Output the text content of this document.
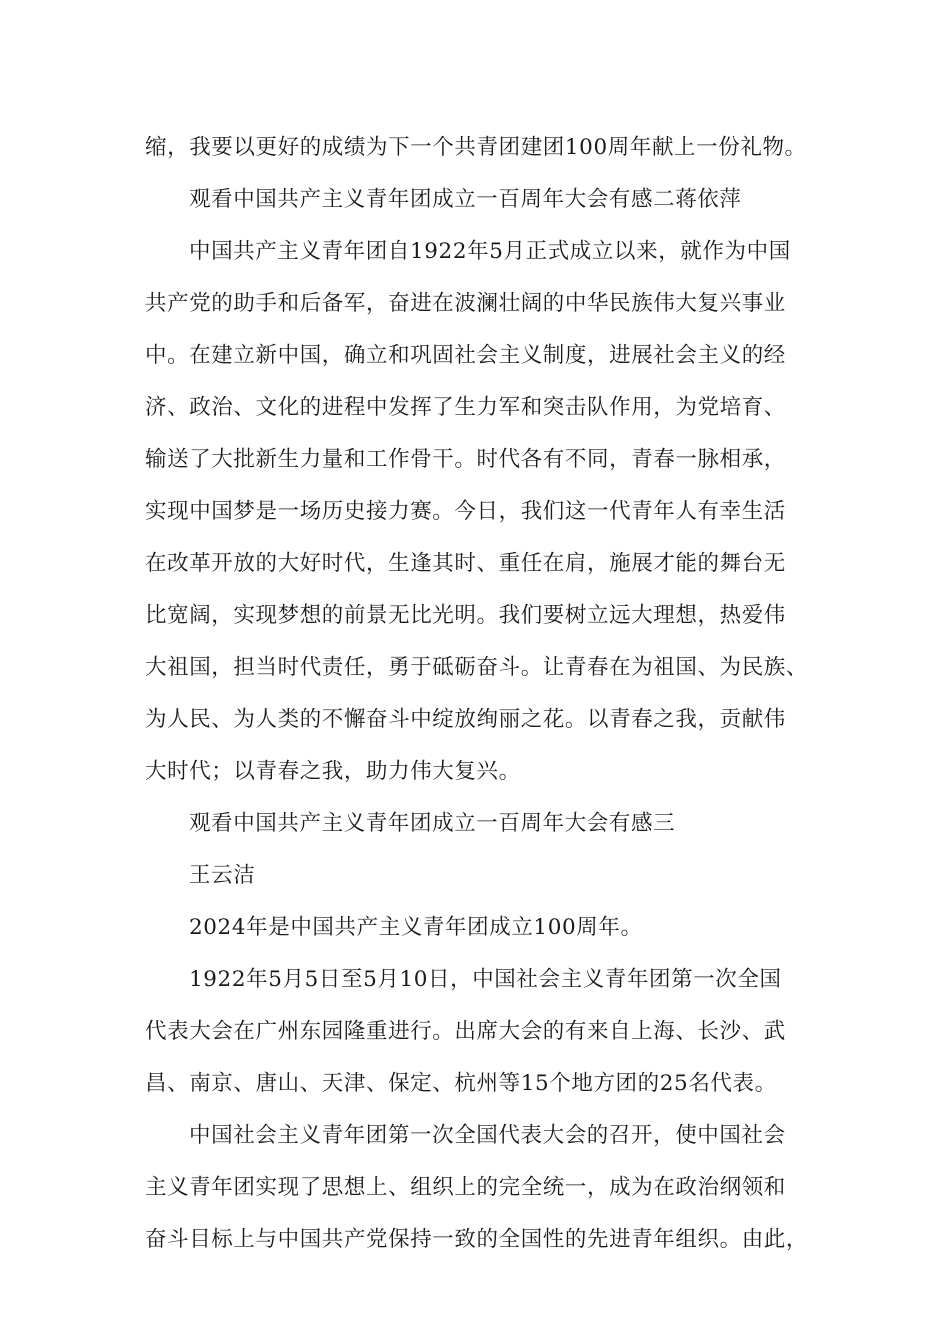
缩，我要以更好的成绩为下一个共青团建团100周年献上一份礼物。
观看中国共产主义青年团成立一百周年大会有感二蒋依萍
中国共产主义青年团自1922年5月正式成立以来，就作为中国
共产党的助手和后备军，奋进在波澜壮阔的中华民族伟大复兴事业
中。在建立新中国，确立和巩固社会主义制度，进展社会主义的经
济、政治、文化的进程中发挥了生力军和突击队作用，为党培育、
输送了大批新生力量和工作骨干。时代各有不同，青春一脉相承，
实现中国梦是一场历史接力赛。今日，我们这一代青年人有幸生活
在改革开放的大好时代，生逢其时、重任在肩，施展才能的舞台无
比宽阔，实现梦想的前景无比光明。我们要树立远大理想，热爱伟
大祖国，担当时代责任，勇于砥砺奋斗。让青春在为祖国、为民族、
为人民、为人类的不懈奋斗中绽放绚丽之花。以青春之我，贡献伟
大时代；以青春之我，助力伟大复兴。
观看中国共产主义青年团成立一百周年大会有感三
王云洁
2024年是中国共产主义青年团成立100周年。
1922年5月5日至5月10日，中国社会主义青年团第一次全国
代表大会在广州东园隆重进行。出席大会的有来自上海、长沙、武
昌、南京、唐山、天津、保定、杭州等15个地方团的25名代表。
中国社会主义青年团第一次全国代表大会的召开，使中国社会
主义青年团实现了思想上、组织上的完全统一，成为在政治纲领和
奋斗目标上与中国共产党保持一致的全国性的先进青年组织。由此，
